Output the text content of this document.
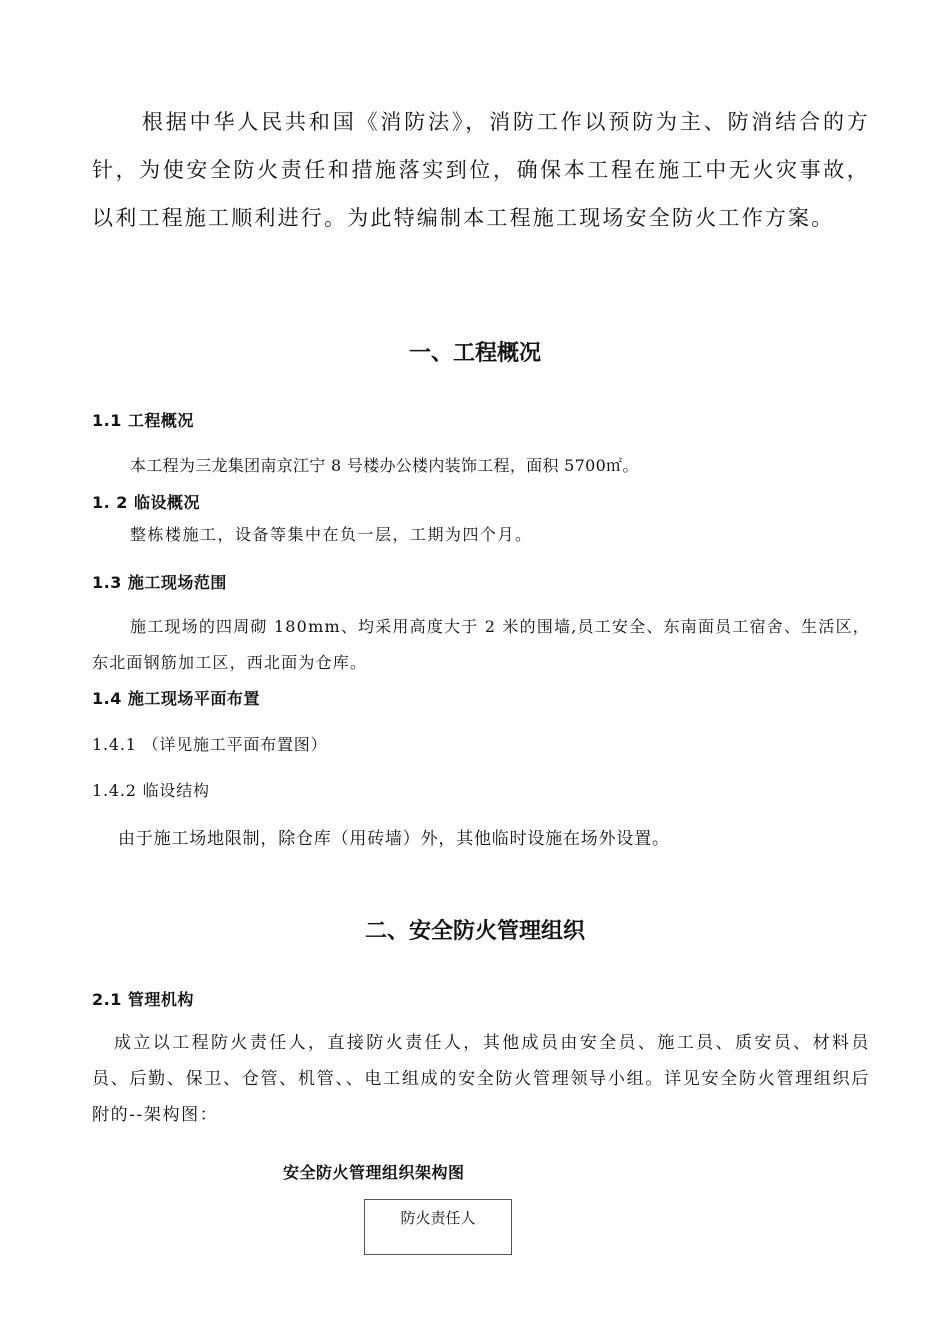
根据中华人民共和国《消防法》，消防工作以预防为主、防消结合的方针，为使安全防火责任和措施落实到位，确保本工程在施工中无火灾事故，以利工程施工顺利进行。为此特编制本工程施工现场安全防火工作方案。

一、工程概况
1.1 工程概况

本工程为三龙集团南京江宁 8 号楼办公楼内装饰工程，面积 5700㎡。

1. 2 临设概况

整栋楼施工，设备等集中在负一层，工期为四个月。

1.3 施工现场范围

施工现场的四周砌 180mm、均采用高度大于 2 米的围墙,员工安全、东南面员工宿舍、生活区，东北面钢筋加工区，西北面为仓库。

1.4 施工现场平面布置

1.4.1 （详见施工平面布置图）

1.4.2 临设结构

由于施工场地限制，除仓库（用砖墙）外，其他临时设施在场外设置。

二、安全防火管理组织
2.1 管理机构

成立以工程防火责任人，直接防火责任人，其他成员由安全员、施工员、质安员、材料员员、后勤、保卫、仓管、机管、、电工组成的安全防火管理领导小组。详见安全防火管理组织后附的--架构图：

安全防火管理组织架构图

防火责任人
